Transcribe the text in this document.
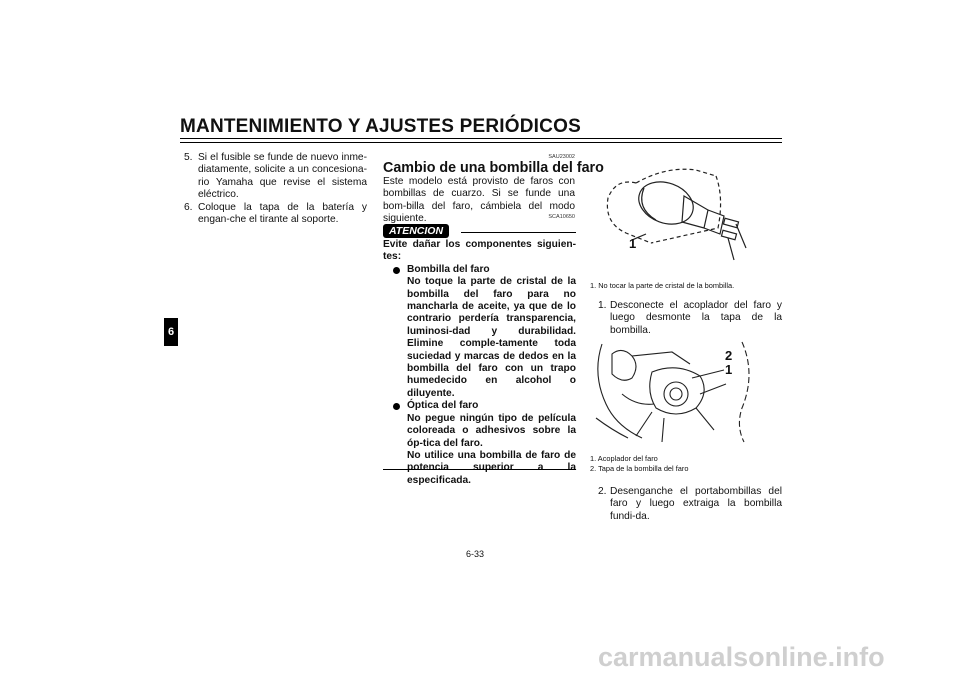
MANTENIMIENTO Y AJUSTES PERIÓDICOS
6
5. Si el fusible se funde de nuevo inme-diatamente, solicite a un concesiona-rio Yamaha que revise el sistema eléctrico.
6. Coloque la tapa de la batería y engan-che el tirante al soporte.
SAU23002
Cambio de una bombilla del faro
Este modelo está provisto de faros con bombillas de cuarzo. Si se funde una bom-billa del faro, cámbiela del modo siguiente.	SCA10650
ATENCION
Evite dañar los componentes siguien-tes:
Bombilla del faro
No toque la parte de cristal de la bombilla del faro para no mancharla de aceite, ya que de lo contrario perdería transparencia, luminosi-dad y durabilidad. Elimine comple-tamente toda suciedad y marcas de dedos en la bombilla del faro con un trapo humedecido en alcohol o diluyente.
Óptica del faro
No pegue ningún tipo de película coloreada o adhesivos sobre la óp-tica del faro.
No utilice una bombilla de faro de potencia superior a la especificada.
1
1. No tocar la parte de cristal de la bombilla.
1. Desconecte el acoplador del faro y luego desmonte la tapa de la bombilla.
2
1
1. Acoplador del faro
2. Tapa de la bombilla del faro
2. Desenganche el portabombillas del faro y luego extraiga la bombilla fundi-da.
6-33
carmanualsonline.info
